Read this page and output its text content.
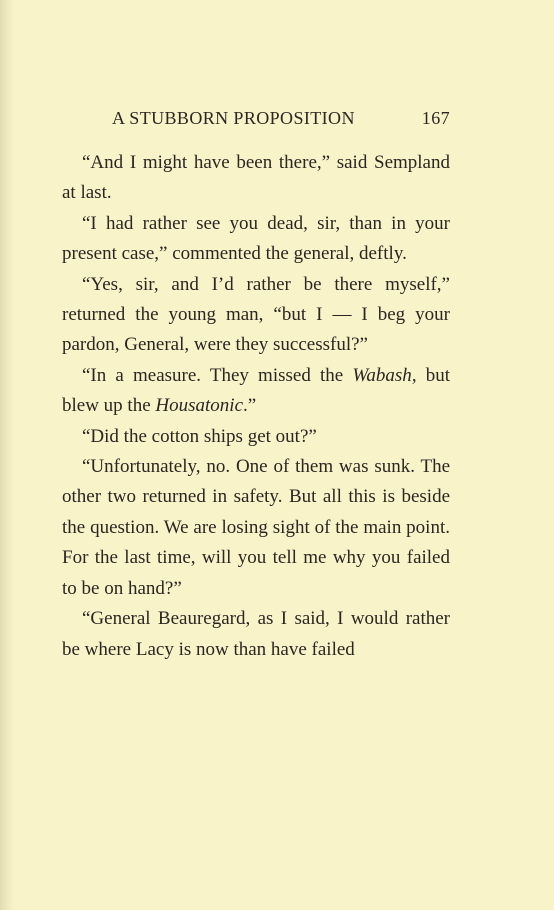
A STUBBORN PROPOSITION	167

“And I might have been there,” said Sempland at last.

“I had rather see you dead, sir, than in your present case,” commented the general, deftly.

“Yes, sir, and I’d rather be there myself,” returned the young man, “but I — I beg your pardon, General, were they successful?”

“In a measure. They missed the Wabash, but blew up the Housatonic.”

“Did the cotton ships get out?”

“Unfortunately, no. One of them was sunk. The other two returned in safety. But all this is beside the question. We are losing sight of the main point. For the last time, will you tell me why you failed to be on hand?”

“General Beauregard, as I said, I would rather be where Lacy is now than have failed
